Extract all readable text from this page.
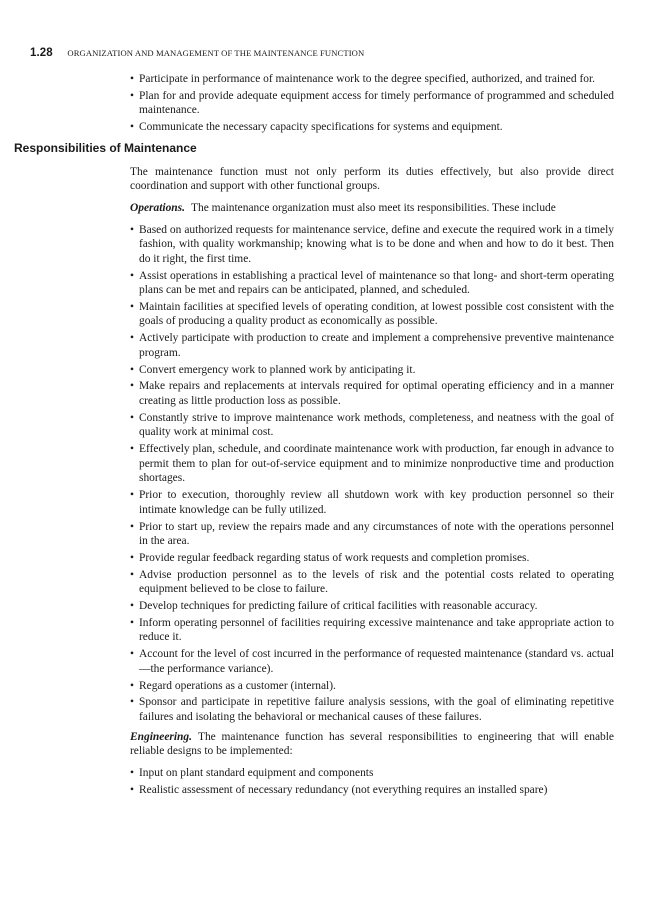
1.28 ORGANIZATION AND MANAGEMENT OF THE MAINTENANCE FUNCTION
• Participate in performance of maintenance work to the degree specified, authorized, and trained for.
• Plan for and provide adequate equipment access for timely performance of programmed and scheduled maintenance.
• Communicate the necessary capacity specifications for systems and equipment.
Responsibilities of Maintenance

The maintenance function must not only perform its duties effectively, but also provide direct coordination and support with other functional groups.

Operations. The maintenance organization must also meet its responsibilities. These include

• Based on authorized requests for maintenance service, define and execute the required work in a timely fashion, with quality workmanship; knowing what is to be done and when and how to do it best. Then do it right, the first time.
• Assist operations in establishing a practical level of maintenance so that long- and short-term operating plans can be met and repairs can be anticipated, planned, and scheduled.
• Maintain facilities at specified levels of operating condition, at lowest possible cost consistent with the goals of producing a quality product as economically as possible.
• Actively participate with production to create and implement a comprehensive preventive maintenance program.
• Convert emergency work to planned work by anticipating it.
• Make repairs and replacements at intervals required for optimal operating efficiency and in a manner creating as little production loss as possible.
• Constantly strive to improve maintenance work methods, completeness, and neatness with the goal of quality work at minimal cost.
• Effectively plan, schedule, and coordinate maintenance work with production, far enough in advance to permit them to plan for out-of-service equipment and to minimize nonproductive time and production shortages.
• Prior to execution, thoroughly review all shutdown work with key production personnel so their intimate knowledge can be fully utilized.
• Prior to start up, review the repairs made and any circumstances of note with the operations personnel in the area.
• Provide regular feedback regarding status of work requests and completion promises.
• Advise production personnel as to the levels of risk and the potential costs related to operating equipment believed to be close to failure.
• Develop techniques for predicting failure of critical facilities with reasonable accuracy.
• Inform operating personnel of facilities requiring excessive maintenance and take appropriate action to reduce it.
• Account for the level of cost incurred in the performance of requested maintenance (standard vs. actual—the performance variance).
• Regard operations as a customer (internal).
• Sponsor and participate in repetitive failure analysis sessions, with the goal of eliminating repetitive failures and isolating the behavioral or mechanical causes of these failures.

Engineering. The maintenance function has several responsibilities to engineering that will enable reliable designs to be implemented:

• Input on plant standard equipment and components
• Realistic assessment of necessary redundancy (not everything requires an installed spare)
